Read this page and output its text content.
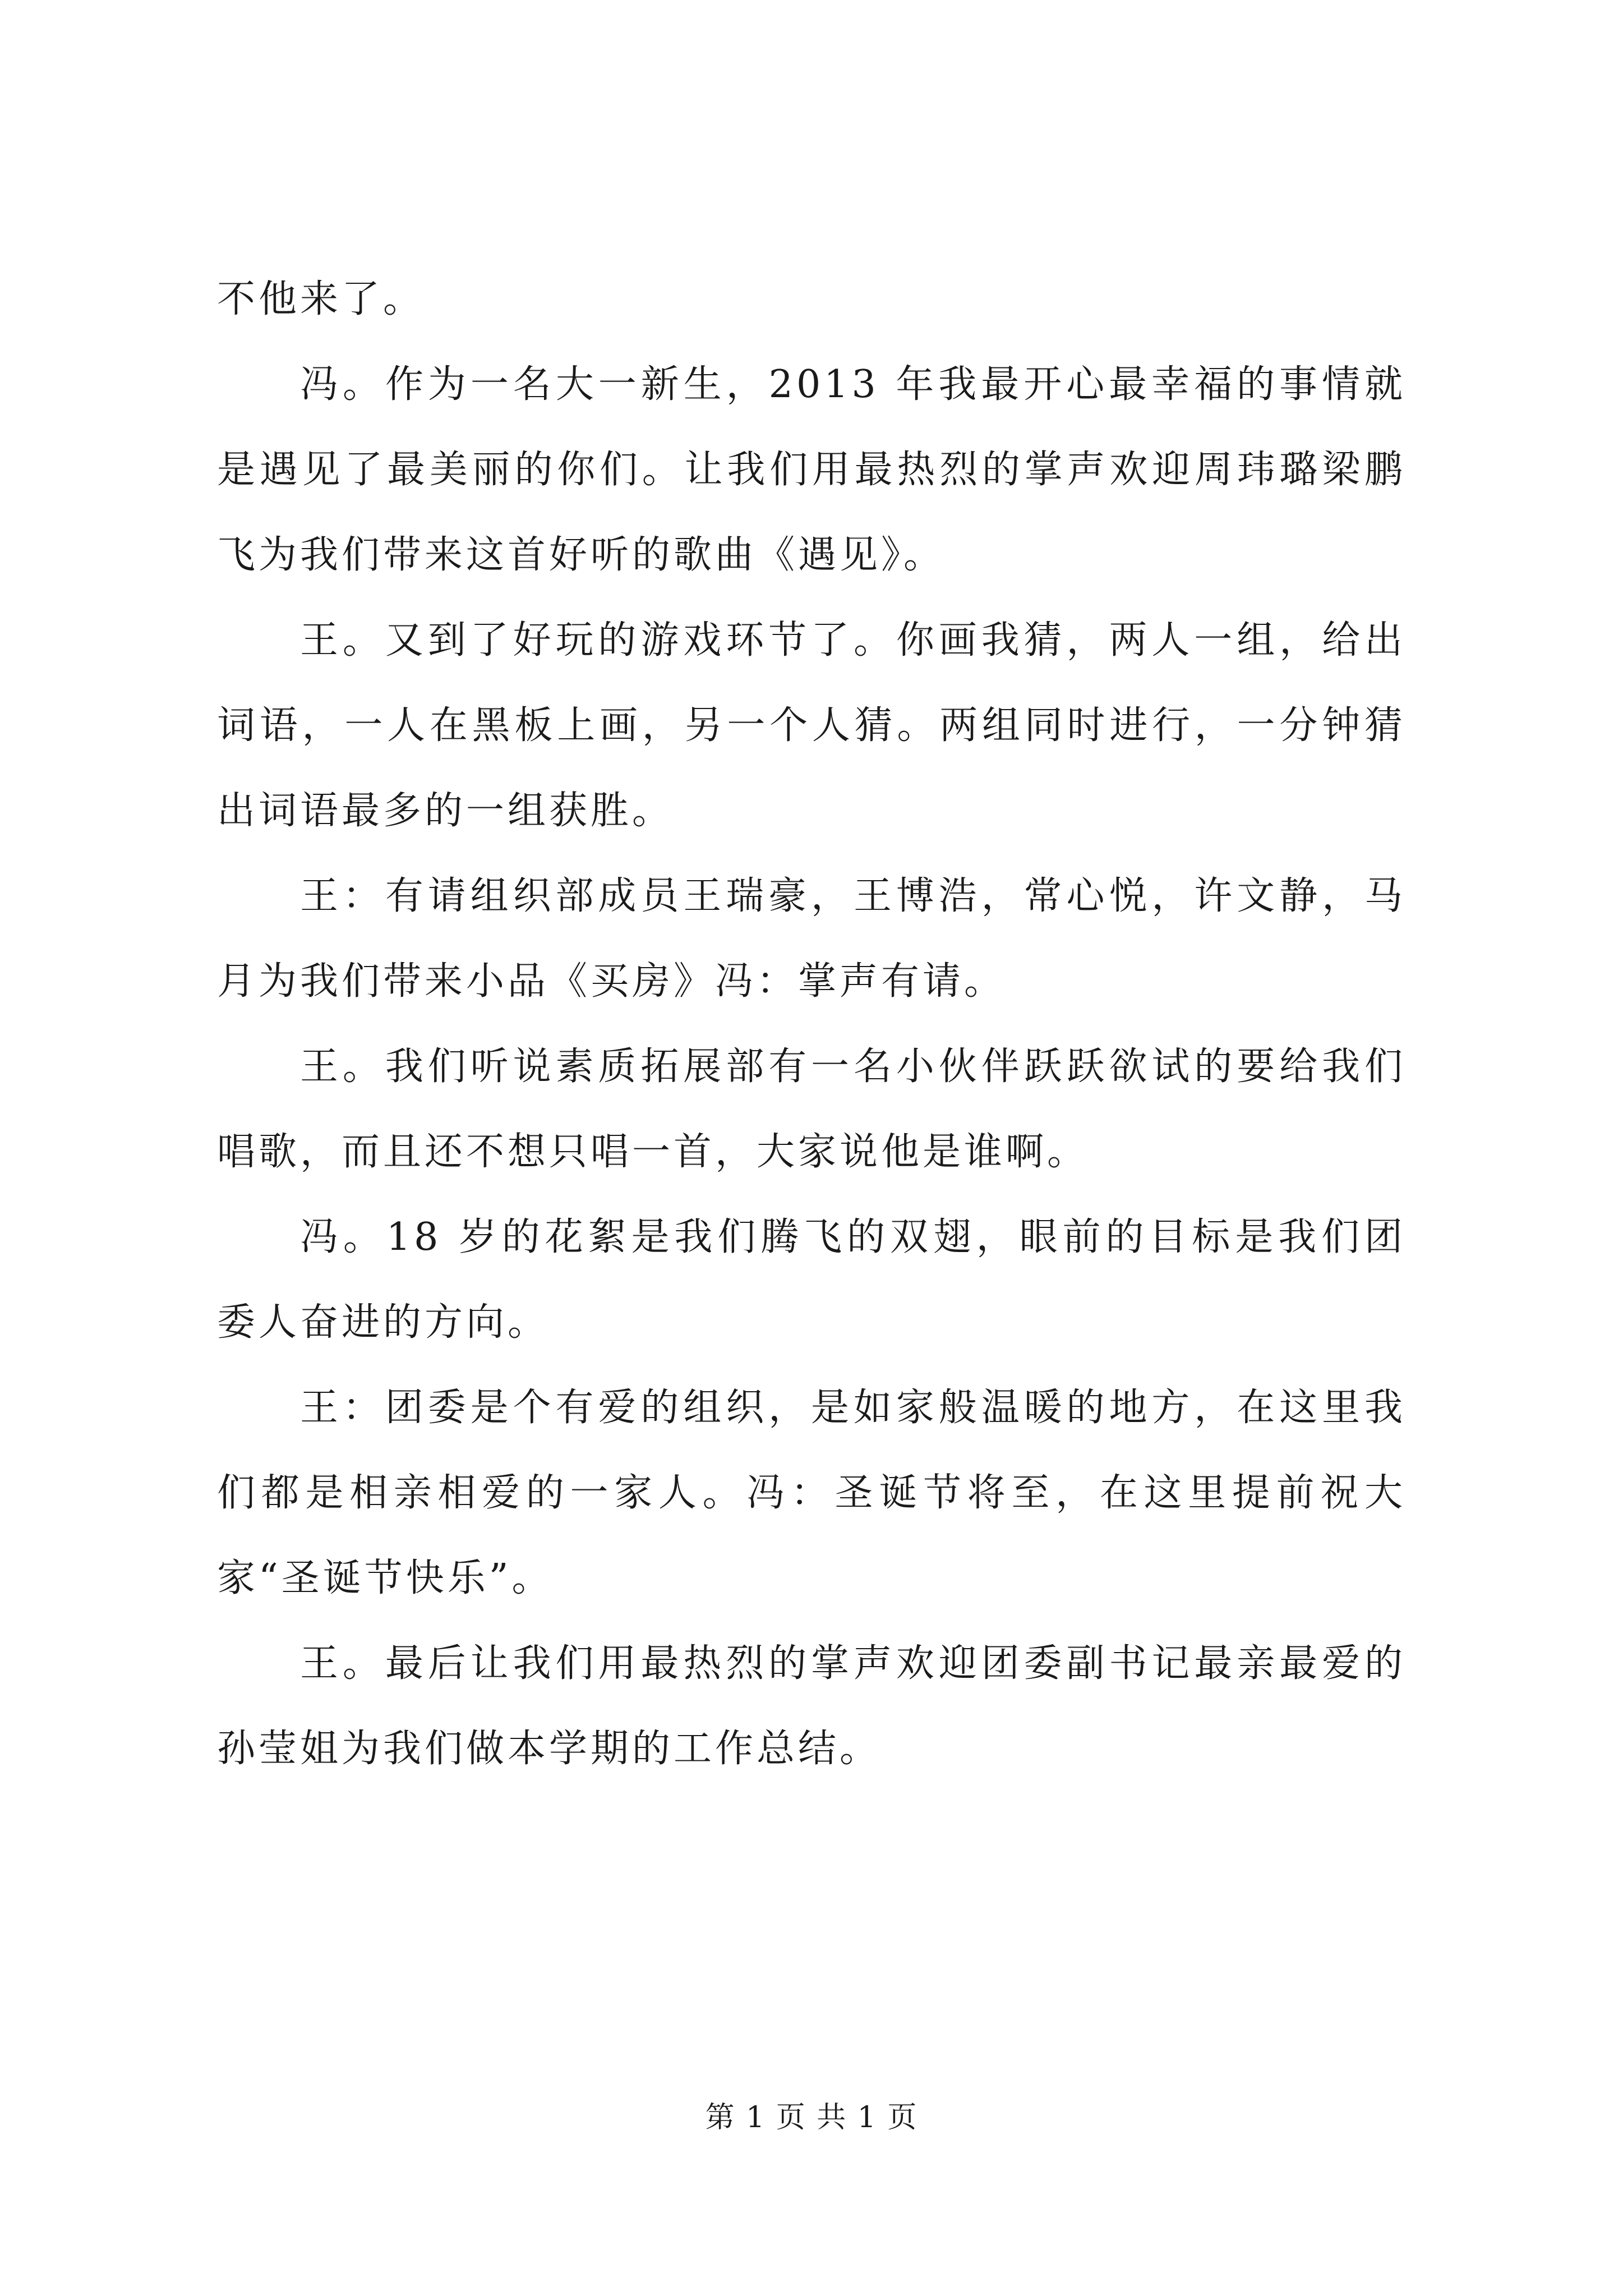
不他来了。

冯。作为一名大一新生，2013 年我最开心最幸福的事情就是遇见了最美丽的你们。让我们用最热烈的掌声欢迎周玮璐梁鹏飞为我们带来这首好听的歌曲《遇见》。

王。又到了好玩的游戏环节了。你画我猜，两人一组，给出词语，一人在黑板上画，另一个人猜。两组同时进行，一分钟猜出词语最多的一组获胜。

王：有请组织部成员王瑞豪，王博浩，常心悦，许文静，马月为我们带来小品《买房》冯：掌声有请。

王。我们听说素质拓展部有一名小伙伴跃跃欲试的要给我们唱歌，而且还不想只唱一首，大家说他是谁啊。

冯。18 岁的花絮是我们腾飞的双翅，眼前的目标是我们团委人奋进的方向。

王：团委是个有爱的组织，是如家般温暖的地方，在这里我们都是相亲相爱的一家人。冯：圣诞节将至，在这里提前祝大家“圣诞节快乐”。

王。最后让我们用最热烈的掌声欢迎团委副书记最亲最爱的孙莹姐为我们做本学期的工作总结。

第 1 页 共 1 页
